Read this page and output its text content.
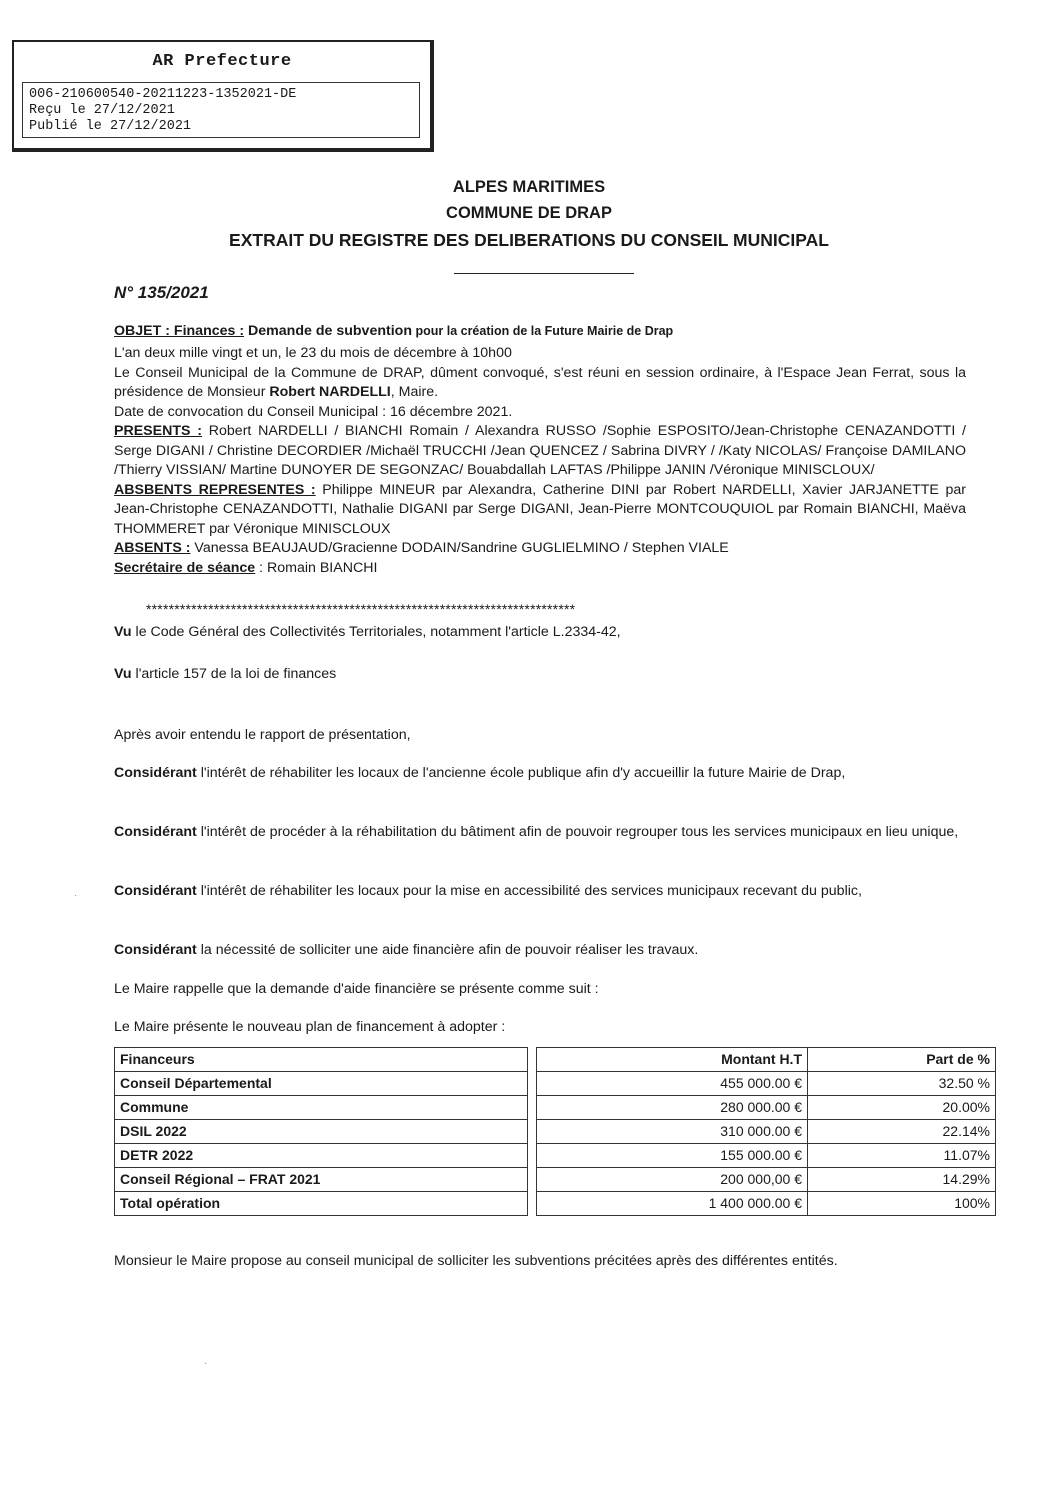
AR Prefecture
006-210600540-20211223-1352021-DE
Reçu le 27/12/2021
Publié le 27/12/2021
ALPES MARITIMES
COMMUNE DE DRAP
EXTRAIT DU REGISTRE DES DELIBERATIONS DU CONSEIL MUNICIPAL
N° 135/2021
OBJET : Finances : Demande de subvention pour la création de la Future Mairie de Drap
L'an deux mille vingt et un, le 23 du mois de décembre à 10h00
Le Conseil Municipal de la Commune de DRAP, dûment convoqué, s'est réuni en session ordinaire, à l'Espace Jean Ferrat, sous la présidence de Monsieur Robert NARDELLI, Maire.
Date de convocation du Conseil Municipal : 16 décembre 2021.
PRESENTS : Robert NARDELLI / BIANCHI Romain / Alexandra RUSSO /Sophie ESPOSITO/Jean-Christophe CENAZANDOTTI / Serge DIGANI / Christine DECORDIER /Michaël TRUCCHI /Jean QUENCEZ / Sabrina DIVRY / /Katy NICOLAS/ Françoise DAMILANO /Thierry VISSIAN/ Martine DUNOYER DE SEGONZAC/ Bouabdallah LAFTAS /Philippe JANIN /Véronique MINISCLOUX/
ABSBENTS REPRESENTES : Philippe MINEUR par Alexandra, Catherine DINI par Robert NARDELLI, Xavier JARJANETTE par Jean-Christophe CENAZANDOTTI, Nathalie DIGANI par Serge DIGANI, Jean-Pierre MONTCOUQUIOL par Romain BIANCHI, Maëva THOMMERET par Véronique MINISCLOUX
ABSENTS : Vanessa BEAUJAUD/Gracienne DODAIN/Sandrine GUGLIELMINO / Stephen VIALE
Secrétaire de séance : Romain BIANCHI
****************************************************************************
Vu le Code Général des Collectivités Territoriales, notamment l'article L.2334-42,
Vu l'article 157 de la loi de finances
Après avoir entendu le rapport de présentation,
Considérant l'intérêt de réhabiliter les locaux de l'ancienne école publique afin d'y accueillir la future Mairie de Drap,
Considérant l'intérêt de procéder à la réhabilitation du bâtiment afin de pouvoir regrouper tous les services municipaux en lieu unique,
Considérant l'intérêt de réhabiliter les locaux pour la mise en accessibilité des services municipaux recevant du public,
Considérant la nécessité de solliciter une aide financière afin de pouvoir réaliser les travaux.
Le Maire rappelle que la demande d'aide financière se présente comme suit :
Le Maire présente le nouveau plan de financement à adopter :
Financeurs		Montant H.T	Part de %
Conseil Départemental		455 000.00 €	32.50 %
Commune		280 000.00 €	20.00%
DSIL 2022		310 000.00 €	22.14%
DETR 2022		155 000.00 €	11.07%
Conseil Régional – FRAT 2021		200 000,00 €	14.29%
Total opération		1 400 000.00 €	100%
Monsieur le Maire propose au conseil municipal de solliciter les subventions précitées après des différentes entités.
·
·
